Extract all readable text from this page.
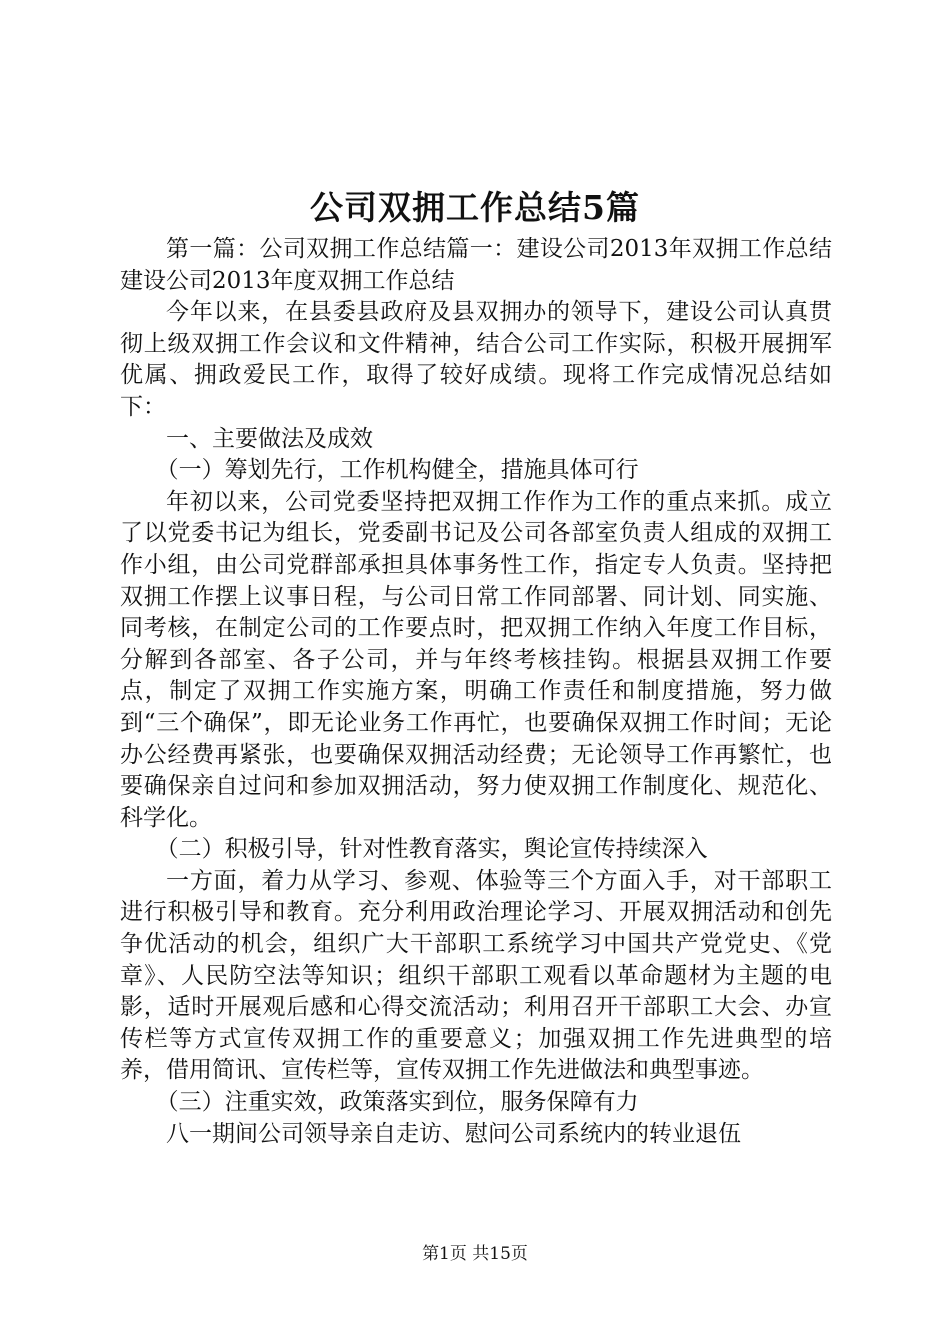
公司双拥工作总结5篇

第一篇：公司双拥工作总结篇一：建设公司2013年双拥工作总结建设公司2013年度双拥工作总结

今年以来，在县委县政府及县双拥办的领导下，建设公司认真贯彻上级双拥工作会议和文件精神，结合公司工作实际，积极开展拥军优属、拥政爱民工作，取得了较好成绩。现将工作完成情况总结如下：

一、主要做法及成效

（一）筹划先行，工作机构健全，措施具体可行

年初以来，公司党委坚持把双拥工作作为工作的重点来抓。成立了以党委书记为组长，党委副书记及公司各部室负责人组成的双拥工作小组，由公司党群部承担具体事务性工作，指定专人负责。坚持把双拥工作摆上议事日程，与公司日常工作同部署、同计划、同实施、同考核，在制定公司的工作要点时，把双拥工作纳入年度工作目标，分解到各部室、各子公司，并与年终考核挂钩。根据县双拥工作要点，制定了双拥工作实施方案，明确工作责任和制度措施，努力做到“三个确保”，即无论业务工作再忙，也要确保双拥工作时间；无论办公经费再紧张，也要确保双拥活动经费；无论领导工作再繁忙，也要确保亲自过问和参加双拥活动，努力使双拥工作制度化、规范化、科学化。

（二）积极引导，针对性教育落实，舆论宣传持续深入

一方面，着力从学习、参观、体验等三个方面入手，对干部职工进行积极引导和教育。充分利用政治理论学习、开展双拥活动和创先争优活动的机会，组织广大干部职工系统学习中国共产党党史、《党章》、人民防空法等知识；组织干部职工观看以革命题材为主题的电影，适时开展观后感和心得交流活动；利用召开干部职工大会、办宣传栏等方式宣传双拥工作的重要意义；加强双拥工作先进典型的培养，借用简讯、宣传栏等，宣传双拥工作先进做法和典型事迹。

（三）注重实效，政策落实到位，服务保障有力

八一期间公司领导亲自走访、慰问公司系统内的转业退伍

第1页 共15页
